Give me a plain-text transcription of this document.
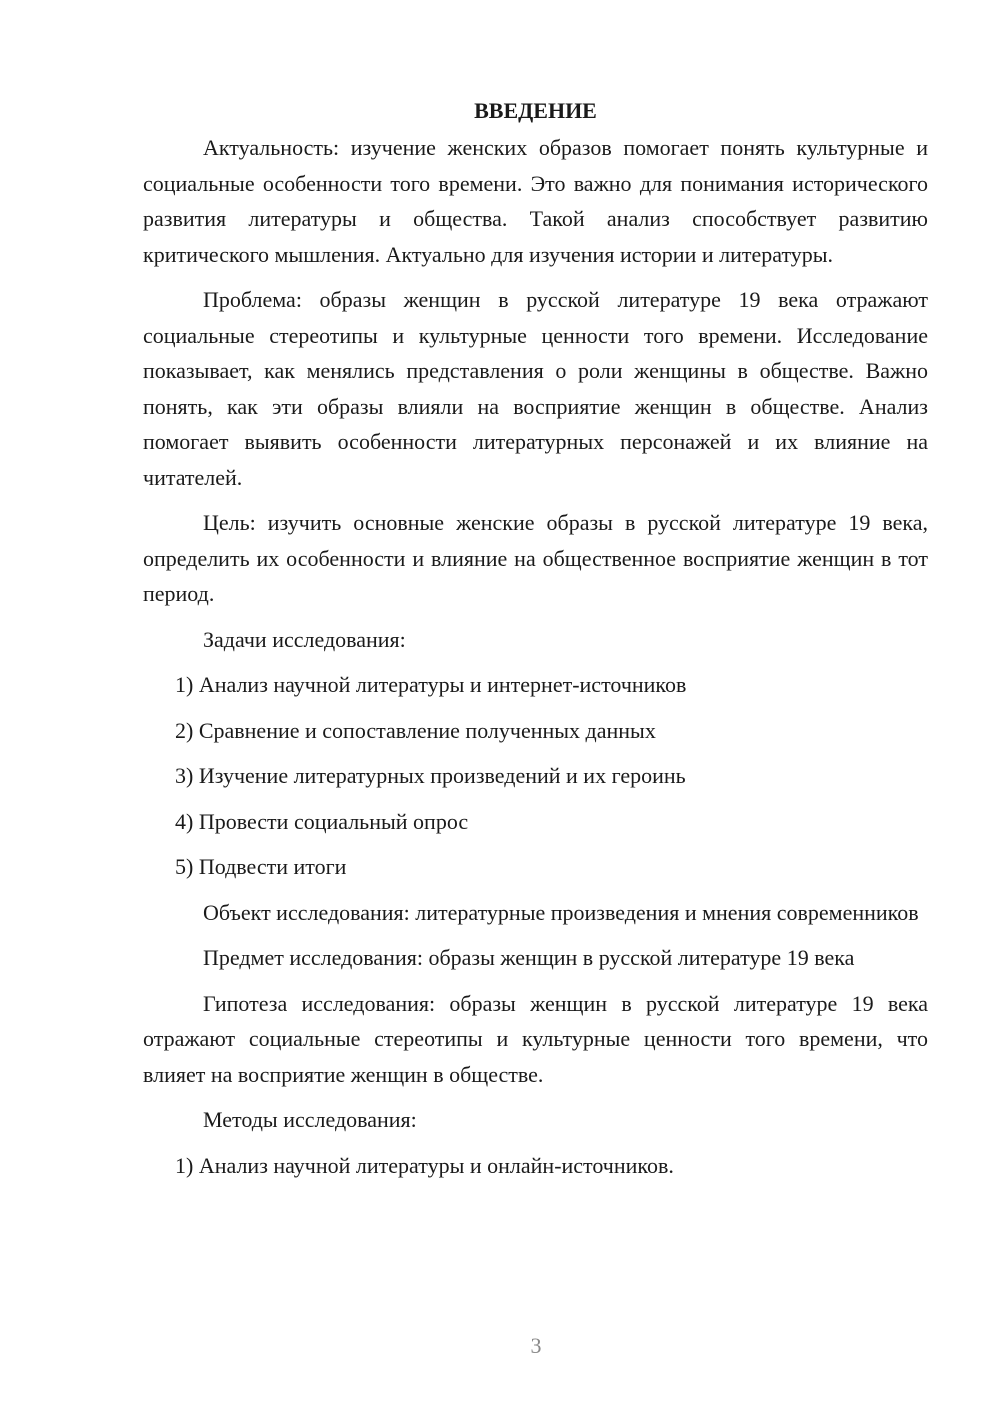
ВВЕДЕНИЕ

Актуальность: изучение женских образов помогает понять культурные и социальные особенности того времени. Это важно для понимания исторического развития литературы и общества. Такой анализ способствует развитию критического мышления. Актуально для изучения истории и литературы.

Проблема: образы женщин в русской литературе 19 века отражают социальные стереотипы и культурные ценности того времени. Исследование показывает, как менялись представления о роли женщины в обществе. Важно понять, как эти образы влияли на восприятие женщин в обществе. Анализ помогает выявить особенности литературных персонажей и их влияние на читателей.

Цель: изучить основные женские образы в русской литературе 19 века, определить их особенности и влияние на общественное восприятие женщин в тот период.

Задачи исследования:

1) Анализ научной литературы и интернет-источников

2) Сравнение и сопоставление полученных данных

3) Изучение литературных произведений и их героинь

4) Провести социальный опрос

5) Подвести итоги

Объект исследования: литературные произведения и мнения современников

Предмет исследования: образы женщин в русской литературе 19 века

Гипотеза исследования: образы женщин в русской литературе 19 века отражают социальные стереотипы и культурные ценности того времени, что влияет на восприятие женщин в обществе.

Методы исследования:

1) Анализ научной литературы и онлайн-источников.

3
